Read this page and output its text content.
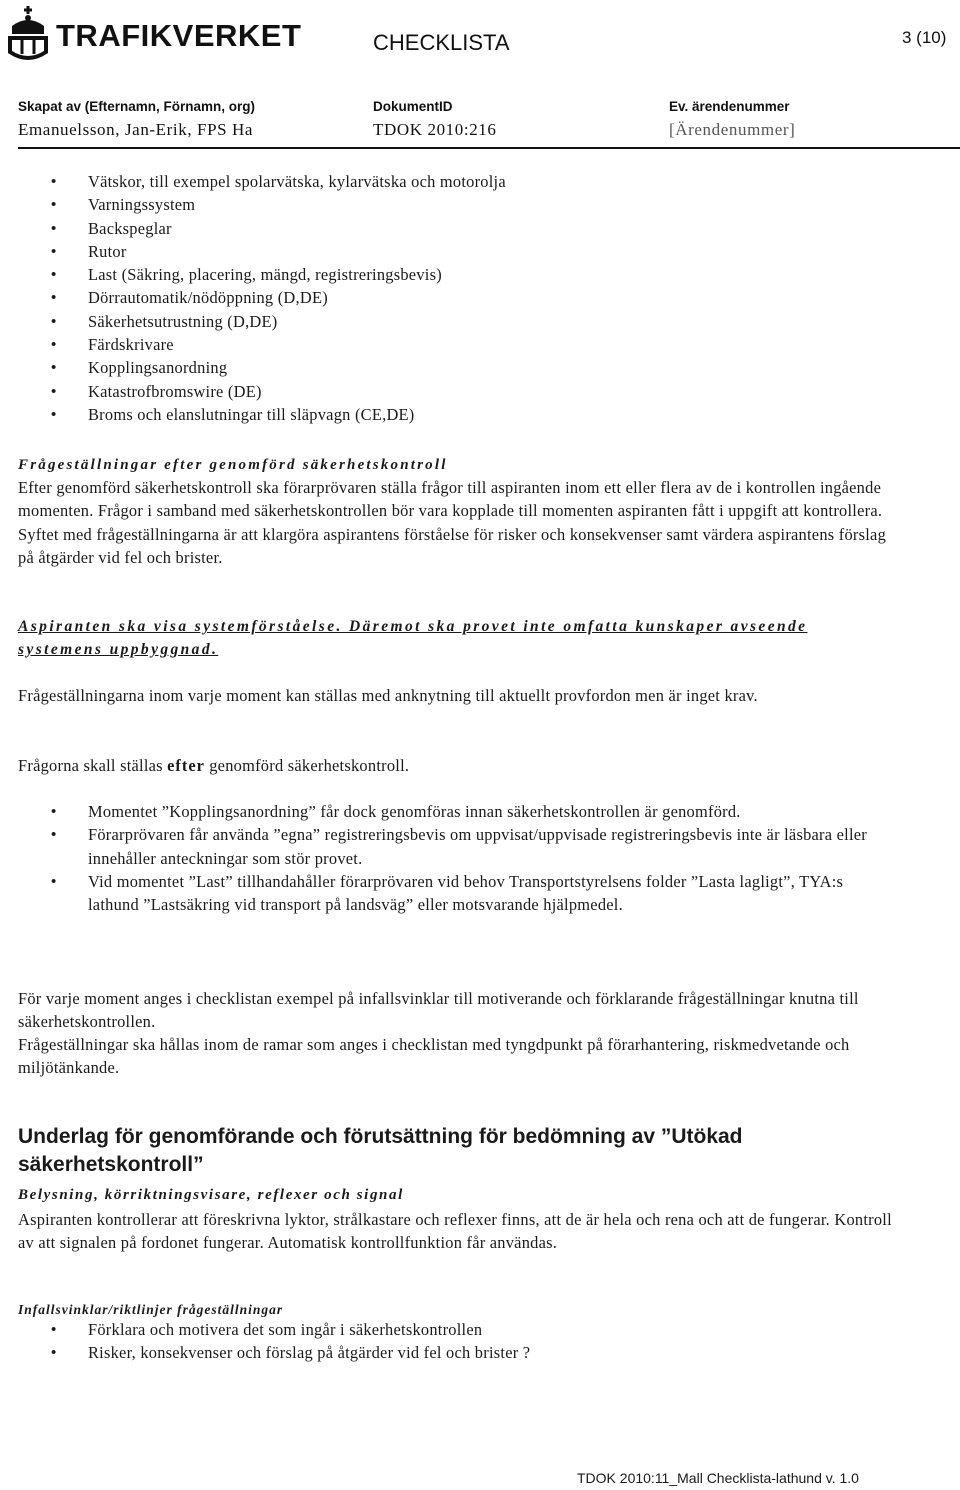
TRAFIKVERKET	CHECKLISTA	3 (10)
Skapat av (Efternamn, Förnamn, org)
Emanuelsson, Jan-Erik, FPS Ha
DokumentID
TDOK 2010:216
Ev. ärendenummer
[Ärendenummer]
• Vätskor, till exempel spolarvätska, kylarvätska och motorolja
• Varningssystem
• Backspeglar
• Rutor
• Last (Säkring, placering, mängd, registreringsbevis)
• Dörrautomatik/nödöppning (D,DE)
• Säkerhetsutrustning (D,DE)
• Färdskrivare
• Kopplingsanordning
• Katastrofbromswire (DE)
• Broms och elanslutningar till släpvagn (CE,DE)
Frågeställningar efter genomförd säkerhetskontroll
Efter genomförd säkerhetskontroll ska förarprövaren ställa frågor till aspiranten inom ett eller flera av de i kontrollen ingående momenten. Frågor i samband med säkerhetskontrollen bör vara kopplade till momenten aspiranten fått i uppgift att kontrollera. Syftet med frågeställningarna är att klargöra aspirantens förståelse för risker och konsekvenser samt värdera aspirantens förslag på åtgärder vid fel och brister.
Aspiranten ska visa systemförståelse. Däremot ska provet inte omfatta kunskaper avseende systemens uppbyggnad.
Frågeställningarna inom varje moment kan ställas med anknytning till aktuellt provfordon men är inget krav.
Frågorna skall ställas efter genomförd säkerhetskontroll.
• Momentet ”Kopplingsanordning” får dock genomföras innan säkerhetskontrollen är genomförd.
• Förarprövaren får använda ”egna” registreringsbevis om uppvisat/uppvisade registreringsbevis inte är läsbara eller innehåller anteckningar som stör provet.
• Vid momentet ”Last” tillhandahåller förarprövaren vid behov Transportstyrelsens folder ”Lasta lagligt”, TYA:s lathund ”Lastsäkring vid transport på landsväg” eller motsvarande hjälpmedel.
För varje moment anges i checklistan exempel på infallsvinklar till motiverande och förklarande frågeställningar knutna till säkerhetskontrollen.
Frågeställningar ska hållas inom de ramar som anges i checklistan med tyngdpunkt på förarhantering, riskmedvetande och miljötänkande.
Underlag för genomförande och förutsättning för bedömning av ”Utökad säkerhetskontroll”
Belysning, körriktningsvisare, reflexer och signal
Aspiranten kontrollerar att föreskrivna lyktor, strålkastare och reflexer finns, att de är hela och rena och att de fungerar. Kontroll av att signalen på fordonet fungerar. Automatisk kontrollfunktion får användas.
Infallsvinklar/riktlinjer frågeställningar
• Förklara och motivera det som ingår i säkerhetskontrollen
• Risker, konsekvenser och förslag på åtgärder vid fel och brister ?
TDOK 2010:11_Mall Checklista-lathund v. 1.0
